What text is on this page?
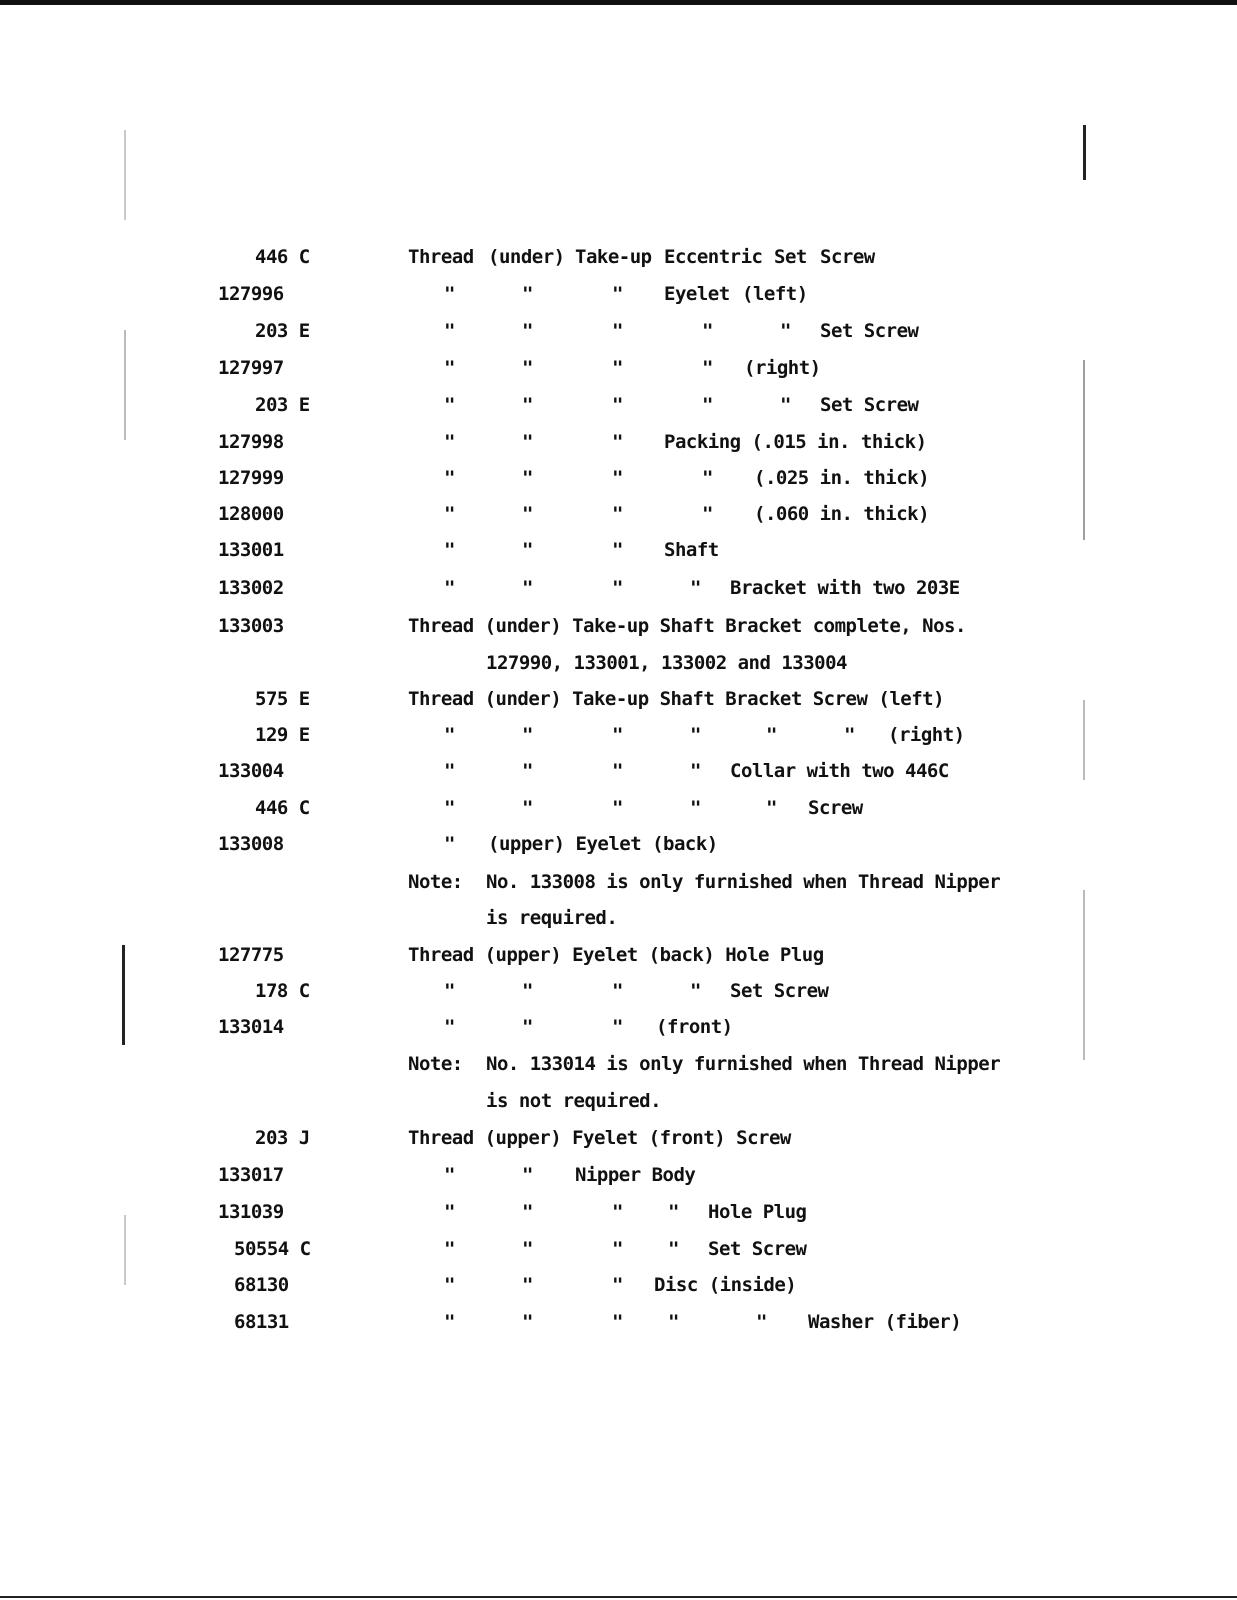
446 C	Thread (under) Take-up Eccentric Set Screw
127996	"	"	" Eyelet (left)
203 E	"	"	"	"	" Set Screw
127997	"	"	"	" (right)
203 E	"	"	"	"	" Set Screw
127998	"	"	" Packing (.015 in. thick)
127999	"	"	"	" (.025 in. thick)
128000	"	"	"	" (.060 in. thick)
133001	"	"	" Shaft
133002	"	"	"	" Bracket with two 203E
133003	Thread (under) Take-up Shaft Bracket complete, Nos.
127990, 133001, 133002 and 133004
575 E	Thread (under) Take-up Shaft Bracket Screw (left)
129 E	"	"	"	"	"	" (right)
133004	"	"	"	" Collar with two 446C
446 C	"	"	"	"	" Screw
133008	" (upper) Eyelet (back)
Note: No. 133008 is only furnished when Thread Nipper
is required.
127775	Thread (upper) Eyelet (back) Hole Plug
178 C	"	"	"	" Set Screw
133014	"	"	" (front)
Note: No. 133014 is only furnished when Thread Nipper
is not required.
203 J	Thread (upper) Fyelet (front) Screw
133017	"	" Nipper Body
131039	"	"	" " Hole Plug
50554 C	"	"	" " Set Screw
68130	"	"	" Disc (inside)
68131	"	"	" "	" Washer (fiber)
